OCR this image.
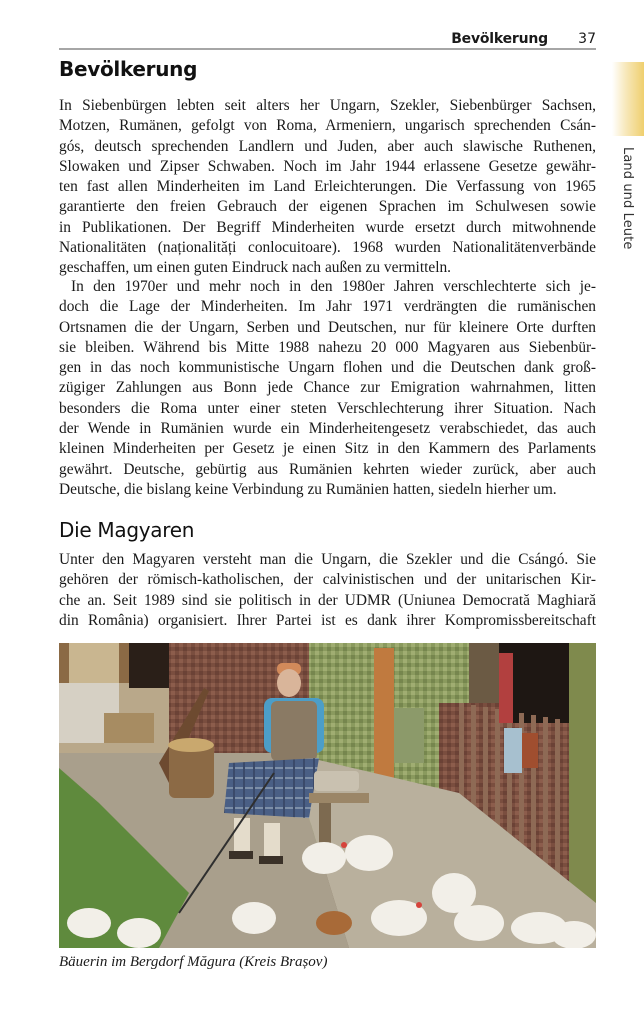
Bevölkerung 37
Land und Leute
Bevölkerung
In Siebenbürgen lebten seit alters her Ungarn, Szekler, Siebenbürger Sachsen,
Motzen, Rumänen, gefolgt von Roma, Armeniern, ungarisch sprechenden Csán-
gós, deutsch sprechenden Landlern und Juden, aber auch slawische Ruthenen,
Slowaken und Zipser Schwaben. Noch im Jahr 1944 erlassene Gesetze gewähr-
ten fast allen Minderheiten im Land Erleichterungen. Die Verfassung von 1965
garantierte den freien Gebrauch der eigenen Sprachen im Schulwesen sowie
in Publikationen. Der Begriff Minderheiten wurde ersetzt durch mitwohnende
Nationalitäten (naționalități conlocuitoare). 1968 wurden Nationalitätenverbände
geschaffen, um einen guten Eindruck nach außen zu vermitteln.
In den 1970er und mehr noch in den 1980er Jahren verschlechterte sich je-
doch die Lage der Minderheiten. Im Jahr 1971 verdrängten die rumänischen
Ortsnamen die der Ungarn, Serben und Deutschen, nur für kleinere Orte durften
sie bleiben. Während bis Mitte 1988 nahezu 20 000 Magyaren aus Siebenbür-
gen in das noch kommunistische Ungarn flohen und die Deutschen dank groß-
zügiger Zahlungen aus Bonn jede Chance zur Emigration wahrnahmen, litten
besonders die Roma unter einer steten Verschlechterung ihrer Situation. Nach
der Wende in Rumänien wurde ein Minderheitengesetz verabschiedet, das auch
kleinen Minderheiten per Gesetz je einen Sitz in den Kammern des Parlaments
gewährt. Deutsche, gebürtig aus Rumänien kehrten wieder zurück, aber auch
Deutsche, die bislang keine Verbindung zu Rumänien hatten, siedeln hierher um.
Die Magyaren
Unter den Magyaren versteht man die Ungarn, die Szekler und die Csángó. Sie
gehören der römisch-katholischen, der calvinistischen und der unitarischen Kir-
che an. Seit 1989 sind sie politisch in der UDMR (Uniunea Democrată Maghiară
din România) organisiert. Ihrer Partei ist es dank ihrer Kompromissbereitschaft
Bäuerin im Bergdorf Măgura (Kreis Brașov)
